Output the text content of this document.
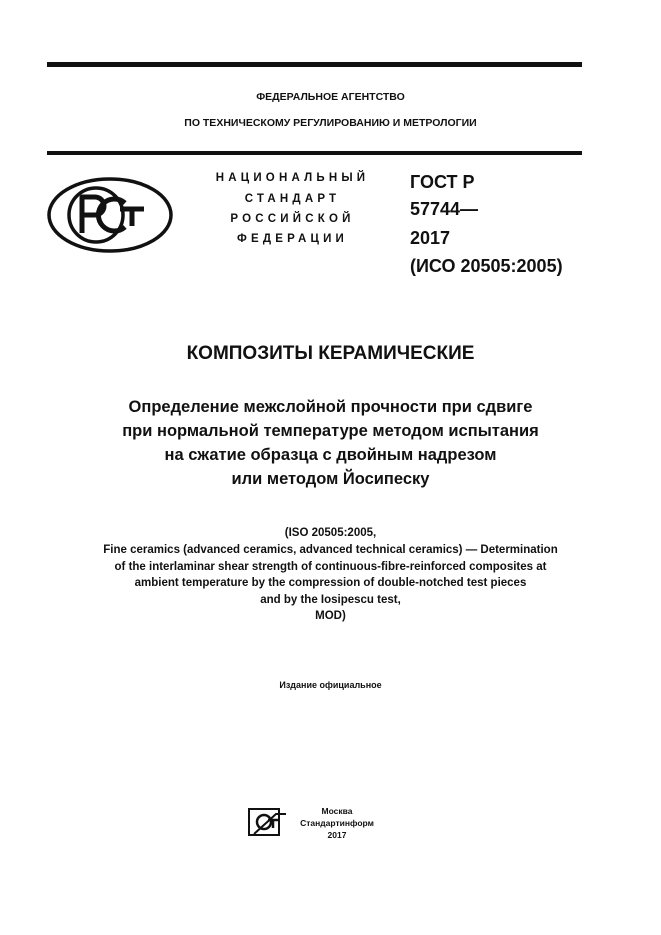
ФЕДЕРАЛЬНОЕ АГЕНТСТВО
ПО ТЕХНИЧЕСКОМУ РЕГУЛИРОВАНИЮ И МЕТРОЛОГИИ
НАЦИОНАЛЬНЫЙ
СТАНДАРТ
РОССИЙСКОЙ
ФЕДЕРАЦИИ
ГОСТ Р
57744—
2017
(ИСО 20505:2005)
КОМПОЗИТЫ КЕРАМИЧЕСКИЕ
Определение межслойной прочности при сдвиге
при нормальной температуре методом испытания
на сжатие образца с двойным надрезом
или методом Йосипеску
(ISO 20505:2005,
Fine ceramics (advanced ceramics, advanced technical ceramics) — Determination
of the interlaminar shear strength of continuous-fibre-reinforced composites at
ambient temperature by the compression of double-notched test pieces
and by the Iosipescu test,
MOD)
Издание официальное
Москва
Стандартинформ
2017
